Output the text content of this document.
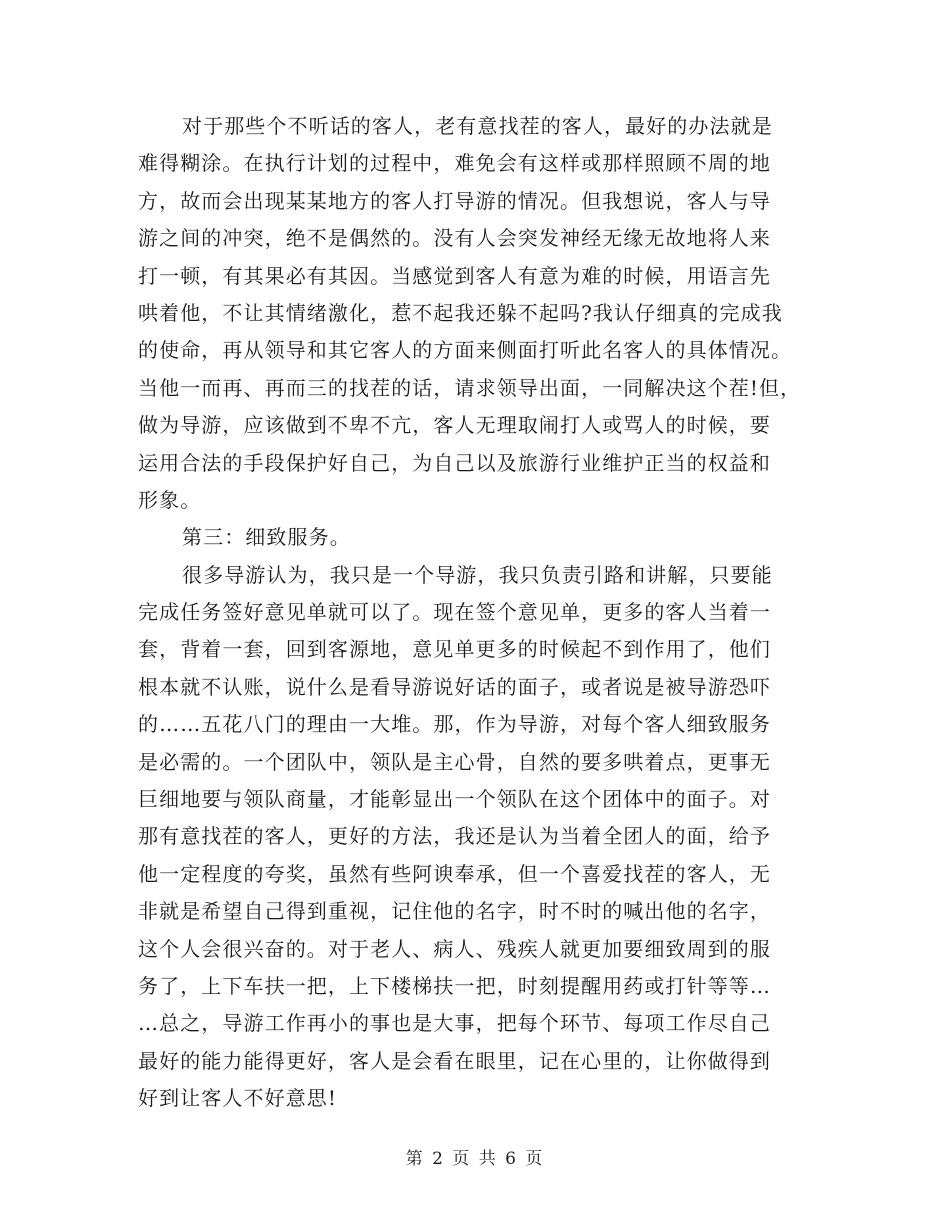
对于那些个不听话的客人，老有意找茬的客人，最好的办法就是
难得糊涂。在执行计划的过程中，难免会有这样或那样照顾不周的地
方，故而会出现某某地方的客人打导游的情况。但我想说，客人与导
游之间的冲突，绝不是偶然的。没有人会突发神经无缘无故地将人来
打一顿，有其果必有其因。当感觉到客人有意为难的时候，用语言先
哄着他，不让其情绪激化，惹不起我还躲不起吗?我认仔细真的完成我
的使命，再从领导和其它客人的方面来侧面打听此名客人的具体情况。
当他一而再、再而三的找茬的话，请求领导出面，一同解决这个茬!但，
做为导游，应该做到不卑不亢，客人无理取闹打人或骂人的时候，要
运用合法的手段保护好自己，为自己以及旅游行业维护正当的权益和
形象。
第三：细致服务。
很多导游认为，我只是一个导游，我只负责引路和讲解，只要能
完成任务签好意见单就可以了。现在签个意见单，更多的客人当着一
套，背着一套，回到客源地，意见单更多的时候起不到作用了，他们
根本就不认账，说什么是看导游说好话的面子，或者说是被导游恐吓
的……五花八门的理由一大堆。那，作为导游，对每个客人细致服务
是必需的。一个团队中，领队是主心骨，自然的要多哄着点，更事无
巨细地要与领队商量，才能彰显出一个领队在这个团体中的面子。对
那有意找茬的客人，更好的方法，我还是认为当着全团人的面，给予
他一定程度的夸奖，虽然有些阿谀奉承，但一个喜爱找茬的客人，无
非就是希望自己得到重视，记住他的名字，时不时的喊出他的名字，
这个人会很兴奋的。对于老人、病人、残疾人就更加要细致周到的服
务了，上下车扶一把，上下楼梯扶一把，时刻提醒用药或打针等等…
…总之，导游工作再小的事也是大事，把每个环节、每项工作尽自己
最好的能力能得更好，客人是会看在眼里，记在心里的，让你做得到
好到让客人不好意思!
第 2 页 共 6 页
